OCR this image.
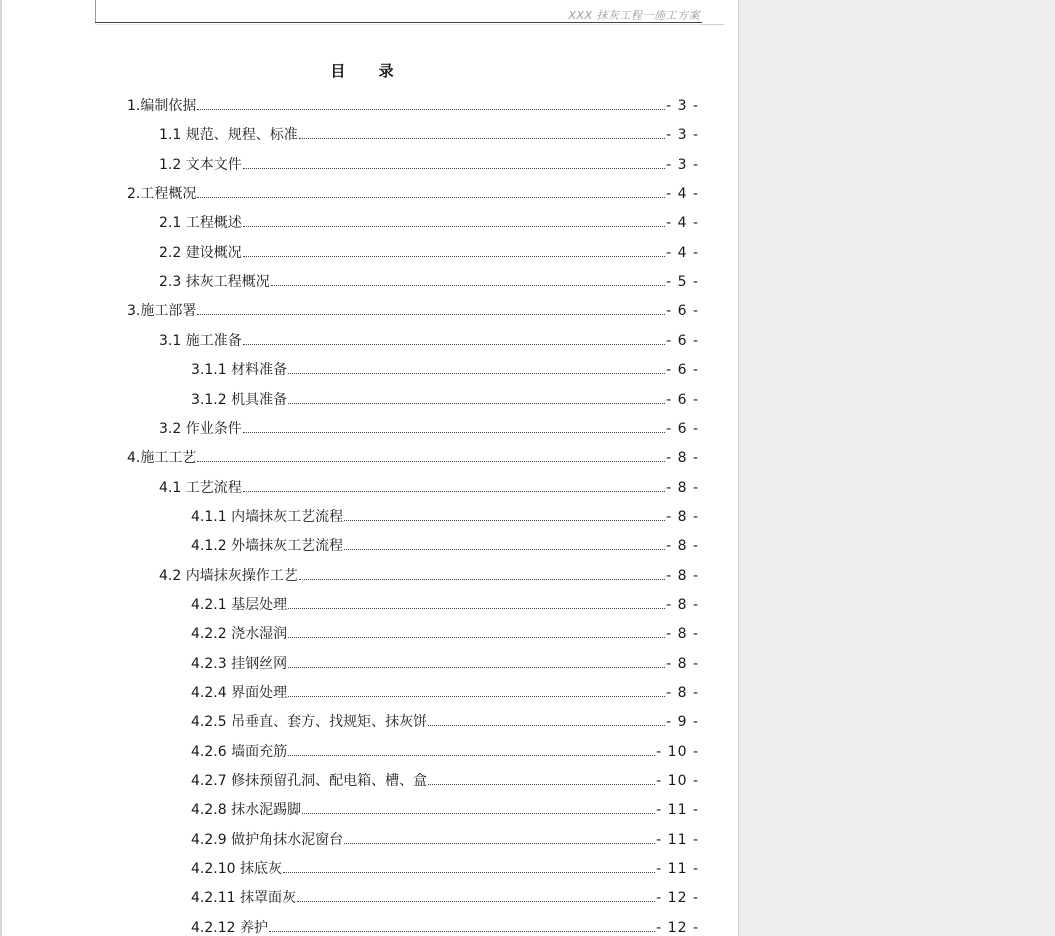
XXX 抹灰工程一施工方案
目 录
1.编制依据	- 3 -
1.1 规范、规程、标准	- 3 -
1.2 文本文件	- 3 -
2.工程概况	- 4 -
2.1 工程概述	- 4 -
2.2 建设概况	- 4 -
2.3 抹灰工程概况	- 5 -
3.施工部署	- 6 -
3.1 施工准备	- 6 -
3.1.1 材料准备	- 6 -
3.1.2 机具准备	- 6 -
3.2 作业条件	- 6 -
4.施工工艺	- 8 -
4.1 工艺流程	- 8 -
4.1.1 内墙抹灰工艺流程	- 8 -
4.1.2 外墙抹灰工艺流程	- 8 -
4.2 内墙抹灰操作工艺	- 8 -
4.2.1 基层处理	- 8 -
4.2.2 浇水湿润	- 8 -
4.2.3 挂钢丝网	- 8 -
4.2.4 界面处理	- 8 -
4.2.5 吊垂直、套方、找规矩、抹灰饼	- 9 -
4.2.6 墙面充筋	- 10 -
4.2.7 修抹预留孔洞、配电箱、槽、盒	- 10 -
4.2.8 抹水泥踢脚	- 11 -
4.2.9 做护角抹水泥窗台	- 11 -
4.2.10 抹底灰	- 11 -
4.2.11 抹罩面灰	- 12 -
4.2.12 养护	- 12 -
